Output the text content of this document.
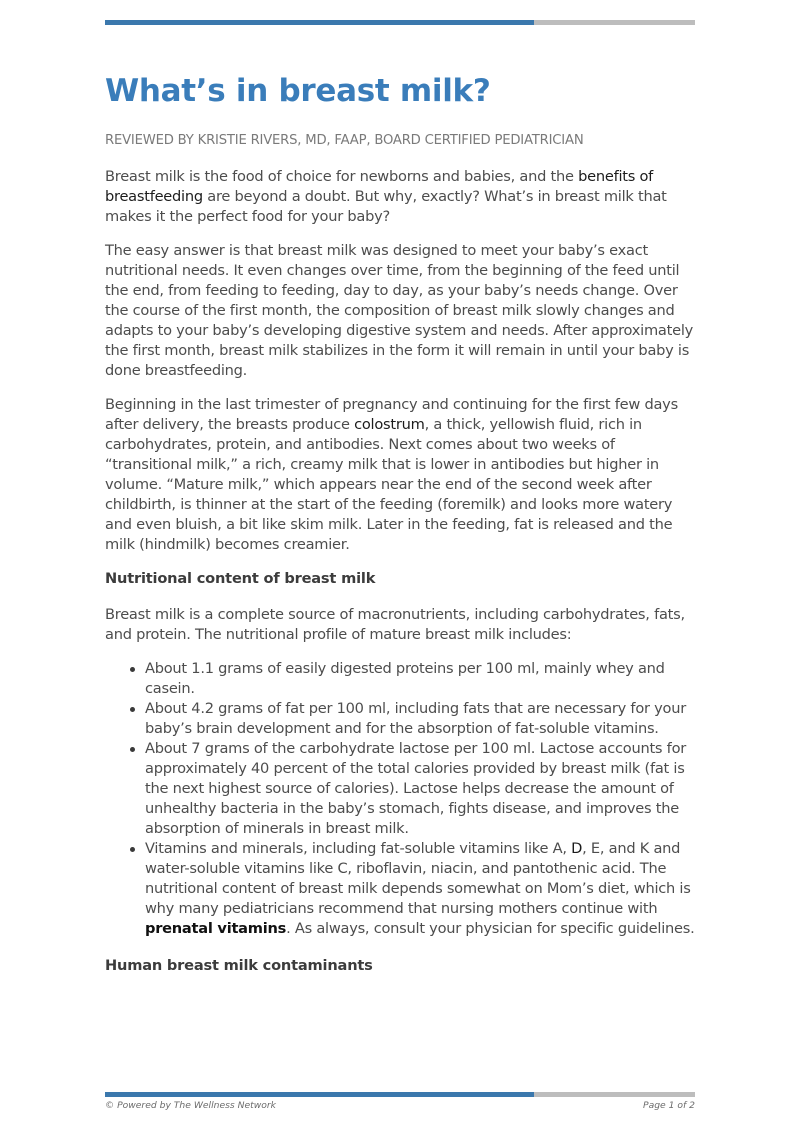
What’s in breast milk?
REVIEWED BY KRISTIE RIVERS, MD, FAAP, BOARD CERTIFIED PEDIATRICIAN

Breast milk is the food of choice for newborns and babies, and the benefits of breastfeeding are beyond a doubt. But why, exactly? What’s in breast milk that makes it the perfect food for your baby?

The easy answer is that breast milk was designed to meet your baby’s exact nutritional needs. It even changes over time, from the beginning of the feed until the end, from feeding to feeding, day to day, as your baby’s needs change. Over the course of the first month, the composition of breast milk slowly changes and adapts to your baby’s developing digestive system and needs. After approximately the first month, breast milk stabilizes in the form it will remain in until your baby is done breastfeeding.

Beginning in the last trimester of pregnancy and continuing for the first few days after delivery, the breasts produce colostrum, a thick, yellowish fluid, rich in carbohydrates, protein, and antibodies. Next comes about two weeks of “transitional milk,” a rich, creamy milk that is lower in antibodies but higher in volume. “Mature milk,” which appears near the end of the second week after childbirth, is thinner at the start of the feeding (foremilk) and looks more watery and even bluish, a bit like skim milk. Later in the feeding, fat is released and the milk (hindmilk) becomes creamier.

Nutritional content of breast milk

Breast milk is a complete source of macronutrients, including carbohydrates, fats, and protein. The nutritional profile of mature breast milk includes:

About 1.1 grams of easily digested proteins per 100 ml, mainly whey and casein.
About 4.2 grams of fat per 100 ml, including fats that are necessary for your baby’s brain development and for the absorption of fat-soluble vitamins.
About 7 grams of the carbohydrate lactose per 100 ml. Lactose accounts for approximately 40 percent of the total calories provided by breast milk (fat is the next highest source of calories). Lactose helps decrease the amount of unhealthy bacteria in the baby’s stomach, fights disease, and improves the absorption of minerals in breast milk.
Vitamins and minerals, including fat-soluble vitamins like A, D, E, and K and water-soluble vitamins like C, riboflavin, niacin, and pantothenic acid. The nutritional content of breast milk depends somewhat on Mom’s diet, which is why many pediatricians recommend that nursing mothers continue with prenatal vitamins. As always, consult your physician for specific guidelines.
Human breast milk contaminants
© Powered by The Wellness Network	Page 1 of 2
